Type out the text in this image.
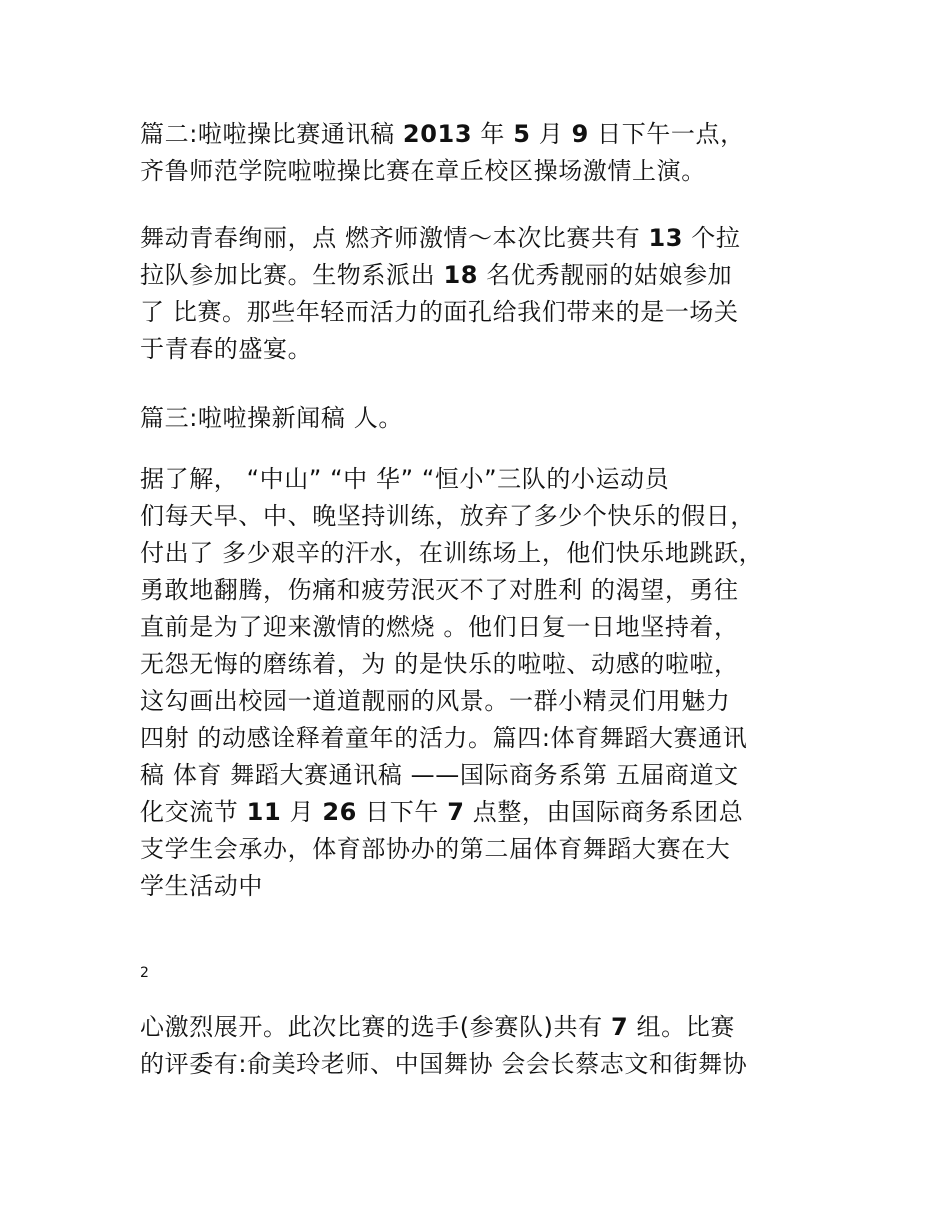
篇二:啦啦操比赛通讯稿 2013 年 5 月 9 日下午一点，
齐鲁师范学院啦啦操比赛在章丘校区操场激情上演。

舞动青春绚丽，点 燃齐师激情～本次比赛共有 13 个拉
拉队参加比赛。生物系派出 18 名优秀靓丽的姑娘参加
了 比赛。那些年轻而活力的面孔给我们带来的是一场关
于青春的盛宴。

篇三:啦啦操新闻稿 人。

据了解， “中山” “中 华” “恒小”三队的小运动员
们每天早、中、晚坚持训练，放弃了多少个快乐的假日，
付出了 多少艰辛的汗水，在训练场上，他们快乐地跳跃，
勇敢地翻腾，伤痛和疲劳泯灭不了对胜利 的渴望，勇往
直前是为了迎来激情的燃烧 。他们日复一日地坚持着，
无怨无悔的磨练着，为 的是快乐的啦啦、动感的啦啦，
这勾画出校园一道道靓丽的风景。一群小精灵们用魅力
四射 的动感诠释着童年的活力。篇四:体育舞蹈大赛通讯
稿 体育 舞蹈大赛通讯稿 ——国际商务系第 五届商道文
化交流节 11 月 26 日下午 7 点整，由国际商务系团总
支学生会承办，体育部协办的第二届体育舞蹈大赛在大
学生活动中

2

心激烈展开。此次比赛的选手(参赛队)共有 7 组。比赛
的评委有:俞美玲老师、中国舞协 会会长蔡志文和街舞协
